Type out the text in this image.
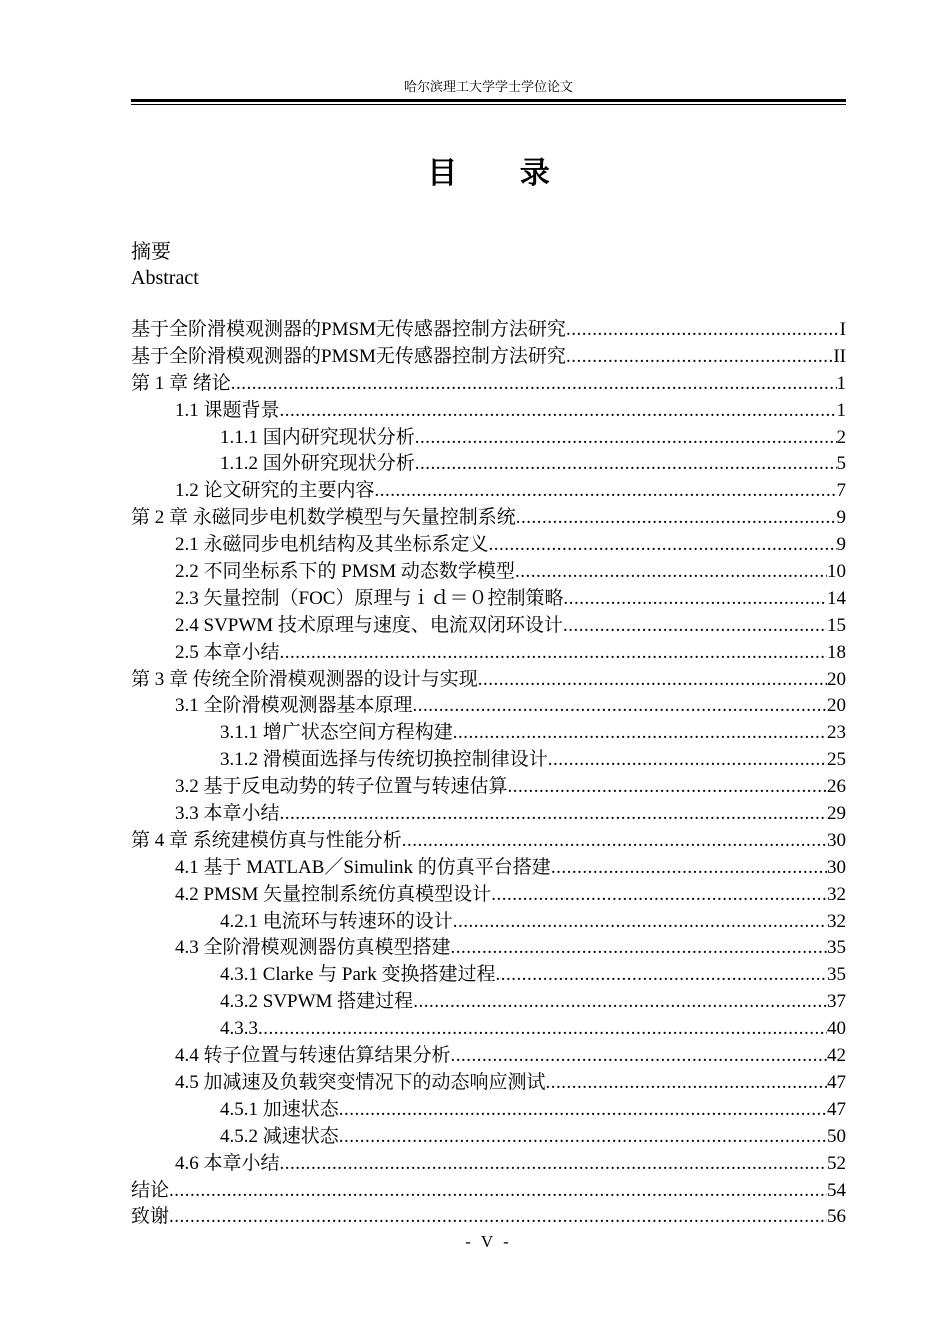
哈尔滨理工大学学士学位论文
目 录
摘要
Abstract
基于全阶滑模观测器的PMSM无传感器控制方法研究 .....	I
基于全阶滑模观测器的PMSM无传感器控制方法研究 .....	II
第 1 章 绪论 .....	1
1.1 课题背景 .....	1
1.1.1 国内研究现状分析 .....	2
1.1.2 国外研究现状分析 .....	5
1.2 论文研究的主要内容 .....	7
第 2 章 永磁同步电机数学模型与矢量控制系统 .....	9
2.1 永磁同步电机结构及其坐标系定义 .....	9
2.2 不同坐标系下的 PMSM 动态数学模型 .....	10
2.3 矢量控制（FOC）原理与ｉｄ＝０控制策略 .....	14
2.4 SVPWM 技术原理与速度、电流双闭环设计 .....	15
2.5 本章小结 .....	18
第 3 章 传统全阶滑模观测器的设计与实现 .....	20
3.1 全阶滑模观测器基本原理 .....	20
3.1.1 增广状态空间方程构建 .....	23
3.1.2 滑模面选择与传统切换控制律设计 .....	25
3.2 基于反电动势的转子位置与转速估算 .....	26
3.3 本章小结 .....	29
第 4 章 系统建模仿真与性能分析 .....	30
4.1 基于 MATLAB／Simulink 的仿真平台搭建 .....	30
4.2 PMSM 矢量控制系统仿真模型设计 .....	32
4.2.1 电流环与转速环的设计 .....	32
4.3 全阶滑模观测器仿真模型搭建 .....	35
4.3.1 Clarke 与 Park 变换搭建过程 .....	35
4.3.2 SVPWM 搭建过程 .....	37
4.3.3 .....	40
4.4 转子位置与转速估算结果分析 .....	42
4.5 加减速及负载突变情况下的动态响应测试 .....	47
4.5.1 加速状态 .....	47
4.5.2 减速状态 .....	50
4.6 本章小结 .....	52
结论 .....	54
致谢 .....	56
- V -
